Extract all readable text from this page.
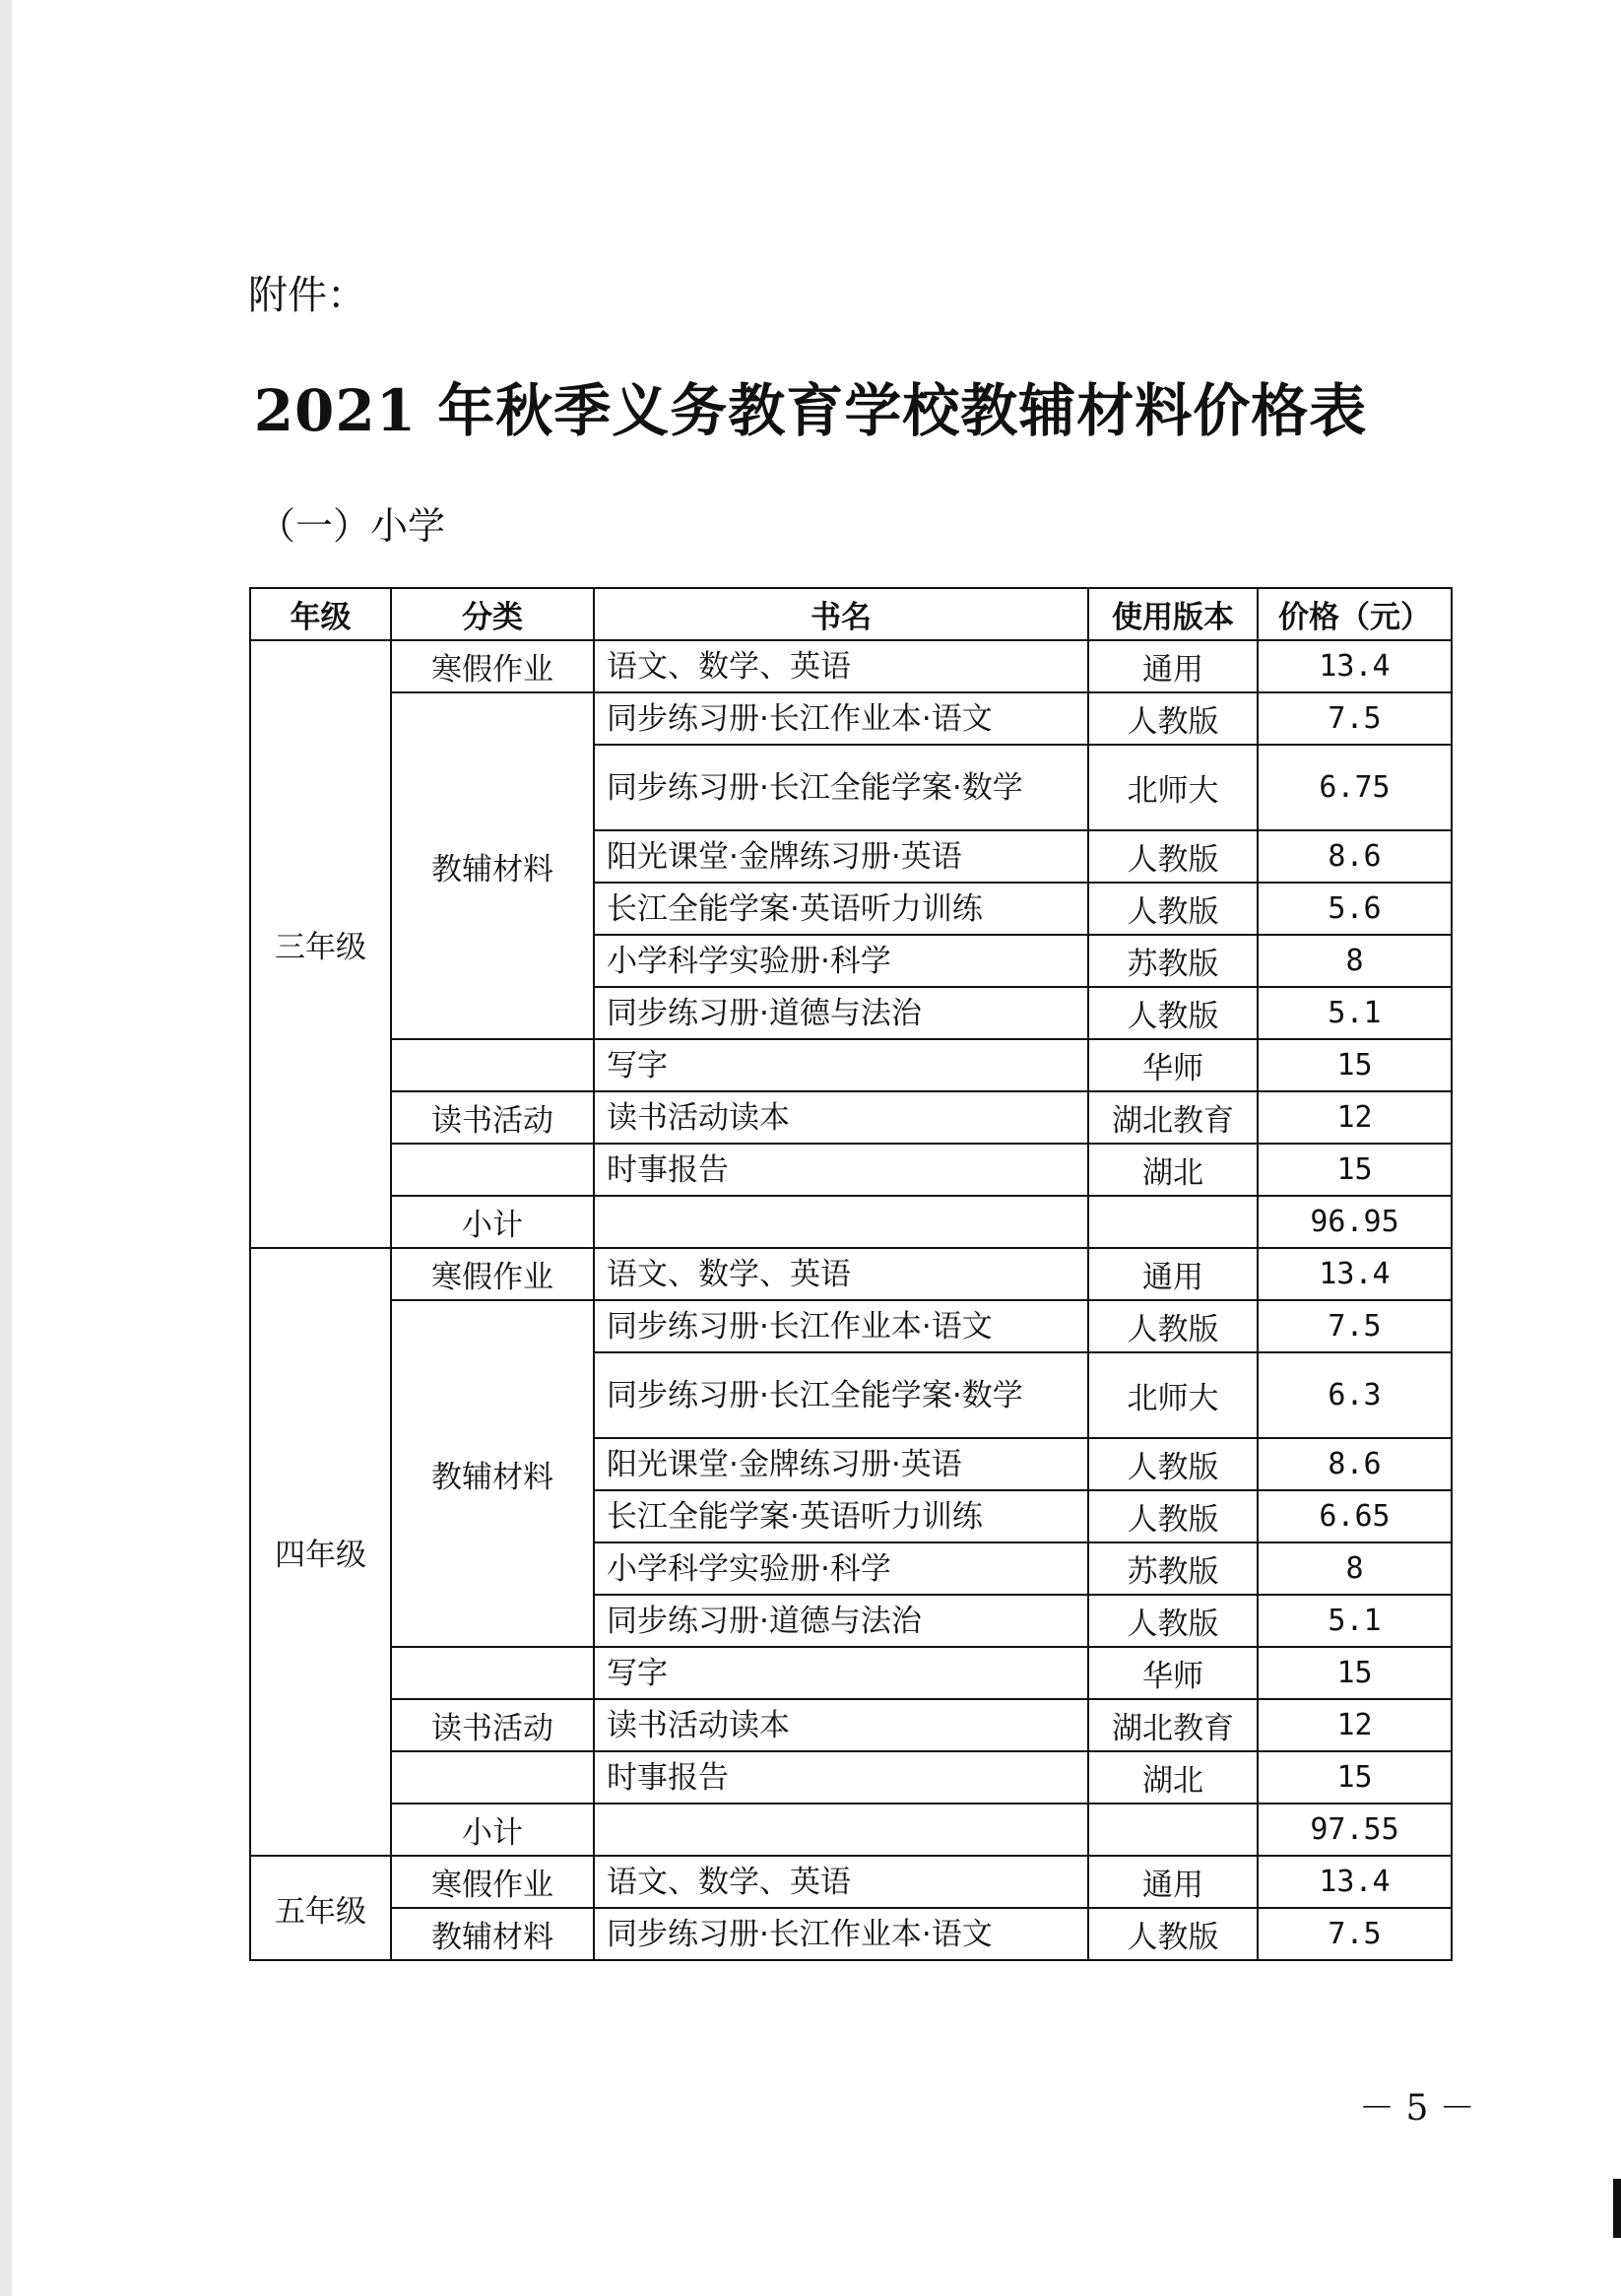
附件：
2021 年秋季义务教育学校教辅材料价格表
（一）小学
年级	分类	书名	使用版本	价格（元）
三年级	寒假作业	语文、数学、英语	通用	13.4
	教辅材料	同步练习册·长江作业本·语文	人教版	7.5
		同步练习册·长江全能学案·数学	北师大	6.75
		阳光课堂·金牌练习册·英语	人教版	8.6
		长江全能学案·英语听力训练	人教版	5.6
		小学科学实验册·科学	苏教版	8
		同步练习册·道德与法治	人教版	5.1
		写字	华师	15
	读书活动	读书活动读本	湖北教育	12
		时事报告	湖北	15
	小计			96.95
四年级	寒假作业	语文、数学、英语	通用	13.4
	教辅材料	同步练习册·长江作业本·语文	人教版	7.5
		同步练习册·长江全能学案·数学	北师大	6.3
		阳光课堂·金牌练习册·英语	人教版	8.6
		长江全能学案·英语听力训练	人教版	6.65
		小学科学实验册·科学	苏教版	8
		同步练习册·道德与法治	人教版	5.1
		写字	华师	15
	读书活动	读书活动读本	湖北教育	12
		时事报告	湖北	15
	小计			97.55
五年级	寒假作业	语文、数学、英语	通用	13.4
	教辅材料	同步练习册·长江作业本·语文	人教版	7.5
－ 5 －
